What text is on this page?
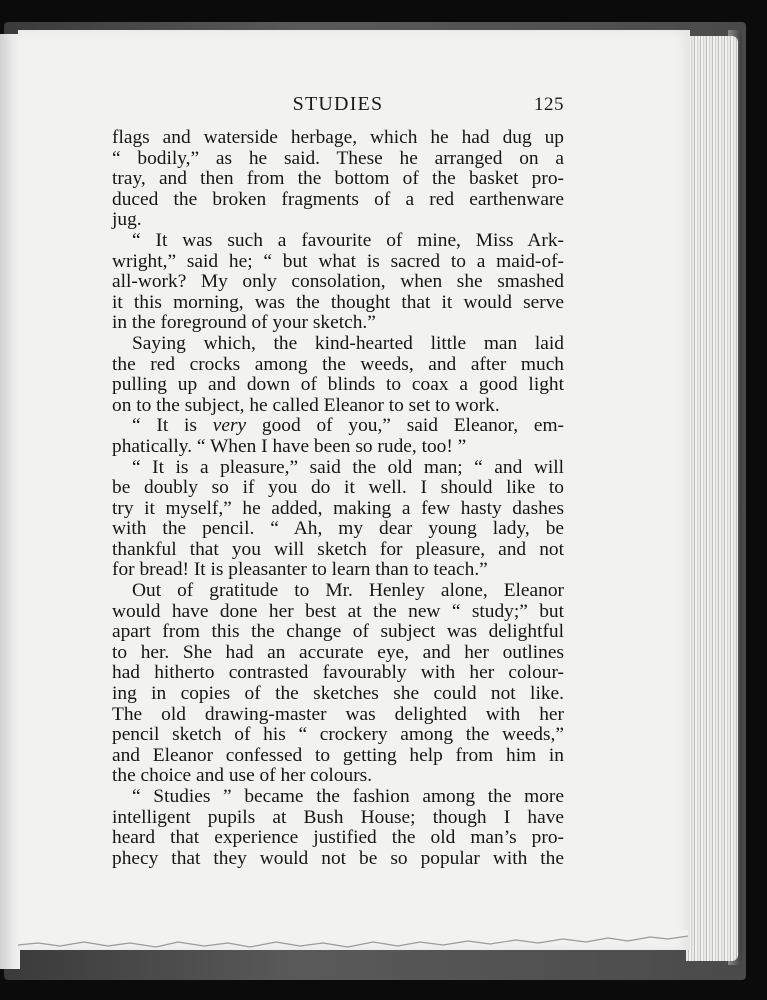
STUDIES	125
flags and waterside herbage, which he had dug up
“ bodily,” as he said. These he arranged on a
tray, and then from the bottom of the basket pro-
duced the broken fragments of a red earthenware
jug.
“ It was such a favourite of mine, Miss Ark-
wright,” said he; “ but what is sacred to a maid-of-
all-work? My only consolation, when she smashed
it this morning, was the thought that it would serve
in the foreground of your sketch.”
Saying which, the kind-hearted little man laid
the red crocks among the weeds, and after much
pulling up and down of blinds to coax a good light
on to the subject, he called Eleanor to set to work.
“ It is very good of you,” said Eleanor, em-
phatically. “ When I have been so rude, too! ”
“ It is a pleasure,” said the old man; “ and will
be doubly so if you do it well. I should like to
try it myself,” he added, making a few hasty dashes
with the pencil. “ Ah, my dear young lady, be
thankful that you will sketch for pleasure, and not
for bread! It is pleasanter to learn than to teach.”
Out of gratitude to Mr. Henley alone, Eleanor
would have done her best at the new “ study;” but
apart from this the change of subject was delightful
to her. She had an accurate eye, and her outlines
had hitherto contrasted favourably with her colour-
ing in copies of the sketches she could not like.
The old drawing-master was delighted with her
pencil sketch of his “ crockery among the weeds,”
and Eleanor confessed to getting help from him in
the choice and use of her colours.
“ Studies ” became the fashion among the more
intelligent pupils at Bush House; though I have
heard that experience justified the old man’s pro-
phecy that they would not be so popular with the
